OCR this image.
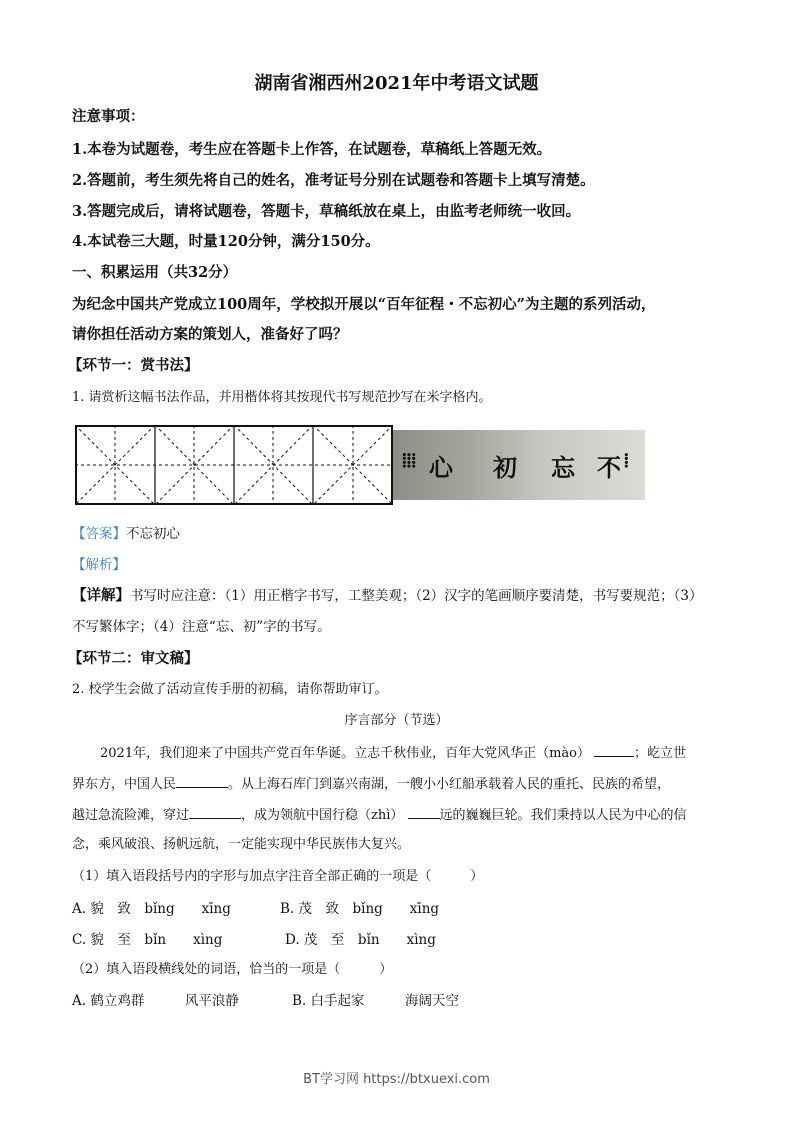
湖南省湘西州2021年中考语文试题
注意事项：
1.本卷为试题卷，考生应在答题卡上作答，在试题卷，草稿纸上答题无效。
2.答题前，考生须先将自己的姓名，准考证号分别在试题卷和答题卡上填写清楚。
3.答题完成后，请将试题卷，答题卡，草稿纸放在桌上，由监考老师统一收回。
4.本试卷三大题，时量120分钟，满分150分。
一、积累运用（共32分）
为纪念中国共产党成立100周年，学校拟开展以“百年征程・不忘初心”为主题的系列活动，
请你担任活动方案的策划人，准备好了吗？
【环节一：赏书法】
1. 请赏析这幅书法作品，并用楷体将其按现代书写规范抄写在米字格内。
⁞⁞⁞ 心 初 忘 不 ⁞
【答案】不忘初心
【解析】
【详解】书写时应注意：（1）用正楷字书写，工整美观；（2）汉字的笔画顺序要清楚，书写要规范；（3）
不写繁体字；（4）注意“忘、初”字的书写。
【环节二：审文稿】
2. 校学生会做了活动宣传手册的初稿，请你帮助审订。
序言部分（节选）
2021年，我们迎来了中国共产党百年华诞。立志千秋伟业，百年大党风华正（mào）	；屹立世
界东方，中国人民	。从上海石库门到嘉兴南湖，一艘小小红船承载着人民的重托、民族的希望，
越过急流险滩，穿过	，成为领航中国行稳（zhì）	远的巍巍巨轮。我们秉持以人民为中心的信
念，乘风破浪、扬帆远航，一定能实现中华民族伟大复兴。
（1）填入语段括号内的字形与加点字注音全部正确的一项是（　　　）
A. 貌　致　bǐng　　xīng	B. 茂　致　bǐng　　xīng
C. 貌　至　bǐn　　xìng	D. 茂　至　bǐn　　xìng
（2）填入语段横线处的词语，恰当的一项是（　　　）
A. 鹤立鸡群　　　风平浪静	B. 白手起家　　　海阔天空
BT学习网 https://btxuexi.com
